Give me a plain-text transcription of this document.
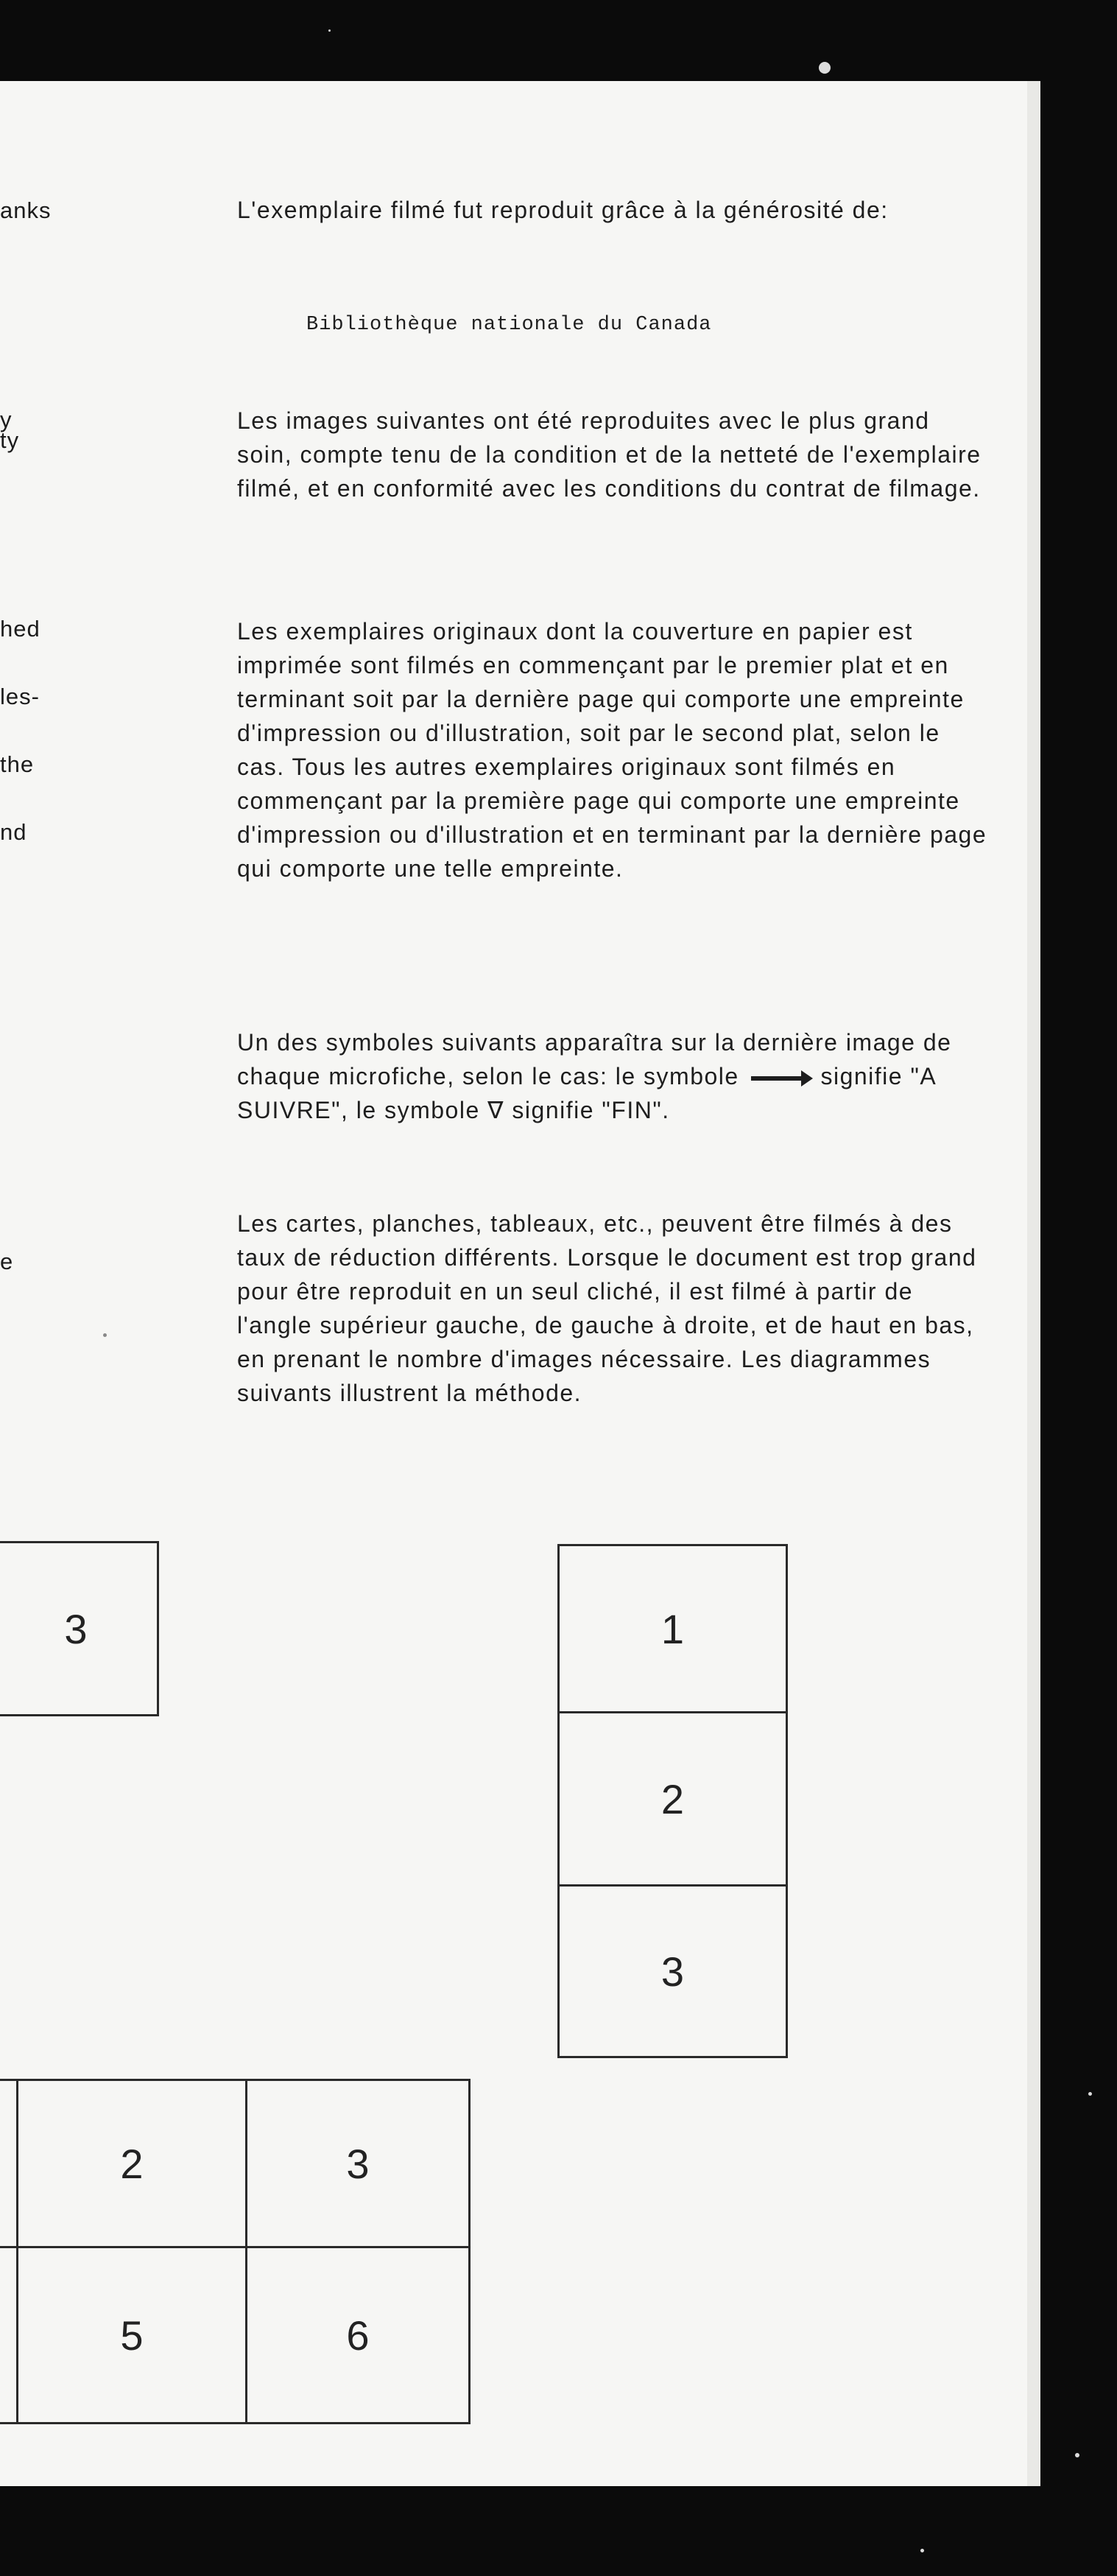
anks
y
ty
hed
les-
the
nd
e

L'exemplaire filmé fut reproduit grâce à la générosité de:

Bibliothèque nationale du Canada

Les images suivantes ont été reproduites avec le plus grand soin, compte tenu de la condition et de la netteté de l'exemplaire filmé, et en conformité avec les conditions du contrat de filmage.

Les exemplaires originaux dont la couverture en papier est imprimée sont filmés en commençant par le premier plat et en terminant soit par la dernière page qui comporte une empreinte d'impression ou d'illustration, soit par le second plat, selon le cas. Tous les autres exemplaires originaux sont filmés en commençant par la première page qui comporte une empreinte d'impression ou d'illustration et en terminant par la dernière page qui comporte une telle empreinte.

Un des symboles suivants apparaîtra sur la dernière image de chaque microfiche, selon le cas: le symbole	signifie "A SUIVRE", le symbole ∇ signifie "FIN".

Les cartes, planches, tableaux, etc., peuvent être filmés à des taux de réduction différents. Lorsque le document est trop grand pour être reproduit en un seul cliché, il est filmé à partir de l'angle supérieur gauche, de gauche à droite, et de haut en bas, en prenant le nombre d'images nécessaire. Les diagrammes suivants illustrent la méthode.

3	1
2
3
2	3
5	6
